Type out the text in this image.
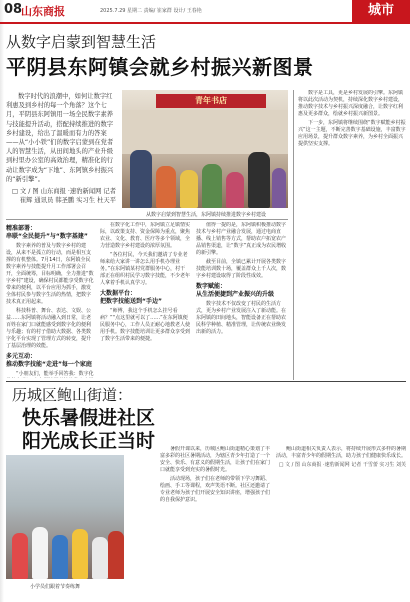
08
山东商报	2025.7.29 星期二 责编/ 崔家群 设计/ 王春艳	城市
从数字启蒙到智慧生活
平阴县东阿镇会就乡村振兴新图景

数字时代的浪潮中，如何让数字红利惠及到乡村的每一个角落？这个七月，平阴县东阿镇用一场全民数字素养与技能提升活动，搭配持续推进的数字乡村建设，给出了温暖而有力的答案——从“小小铁”们的数字启蒙到在党者人的智慧生活，从田间地头的产业升级到村里办公室的高效治理，精准化的行动让数字成为“下地”、东阿镇乡村振兴的“新引擎”。

□ 文 / 图 山东商报 ·速豹新闻网 记者 崔辉 通讯员 韩圣鹏 实习生 杜天平
青年书店
从数字启蒙到智慧生活，东阿镇持续推进数字乡村建设
精准部署：
串联“全民提升”与“数字基建”

数字素养的普及与数字乡村的建设，从来不是孤立的行动，而是相互支撑的有机整体。7月14日，东阿镇全民数字素养与技能提升月工作部署会召开，全面统筹，目标明确，全力推进“数字乡村”建设，确保村民都能享受数字化带来的便利，以平台应用为抓手，激发全体村民参与数字生活的热情，把数字技术真正用起来。

科技科普、舞台、表达、文娱、公益……东阿镇将活动融入到日常，让老百姓在家门口就能感受到数字化的便利与乐趣；有的村子借助大数据、各类数字化平台实现了管理方式的转变，提升了基层治理的效能。

多元互动：
推动数字技能“走进”每一个家庭

“小朋友们，能举手回答我：数字化

在数字化工作中，东阿镇立足镇情实际，以政策支持、资金保障为重点，聚焦农业、文化、教育、医疗等多个领域，全力营造数字乡村建设的浓厚氛围。

“各位村民，今天我们邀请了专业老师来给大家讲一讲怎么用手机办理业务。”在东阿镇某村党群服务中心，村干部正在组织村民学习数字技能，不少老年人拿着手机认真学习。

大数据平台：
把数字技能送到“手边”

“师傅，我这个手机怎么挂号看病？”“点这里就可以了……”在东阿镇便民服务中心，工作人员正耐心地教老人使用手机。数字技能培训让更多群众享受到了数字生活带来的便捷。

值得一提的是，东阿镇积极推动数字技术与乡村产业融合发展，通过电商直播、线上销售等方式，帮助农户拓宽农产品销售渠道，让“数字”真正成为农民增收的新引擎。

截至目前，全镇已累计开展各类数字技能培训数十场，覆盖群众上千人次，数字乡村建设取得了阶段性成效。

数字赋能：
从生活便捷到产业振兴的升级

数字技术不仅改变了村民的生活方式，更为乡村产业发展注入了新动能。在东阿镇的田间地头，智能设备正在帮助农民科学种植、精准管理，让传统农业焕发出新的活力。

数字是工具，更是乡村发展的引擎。东阿镇将以此次活动为契机，持续深化数字乡村建设，推动数字技术与乡村振兴深度融合，让数字红利惠及更多群众，绘就乡村振兴新图景。

下一步，东阿镇将继续围绕“数字赋能乡村振兴”这一主题，不断完善数字基础设施，丰富数字应用场景，提升群众数字素养，为乡村全面振兴提供坚实支撑。

历城区鲍山街道：
快乐暑假进社区
阳光成长正当时
小学员们跟着节奏练舞

暑假开课以来，历城区鲍山街道精心策划了丰富多彩的社区暑期活动，为辖区青少年打造了一个安全、快乐、有意义的假期生活，让孩子们在家门口就能享受到充实的暑假时光。

活动现场，孩子们在老师的带领下学习舞蹈、绘画、手工等课程，欢声笑语不断。社区还邀请了专业老师为孩子们开展安全知识讲座，增强孩子们的自我保护意识。

鲍山街道相关负责人表示，将持续开展形式多样的暑期活动，丰富青少年的假期生活，助力孩子们健康快乐成长。

□ 文 / 图 山东商报 ·速豹新闻网 记者 干雪蕾 实习生 刘芙
